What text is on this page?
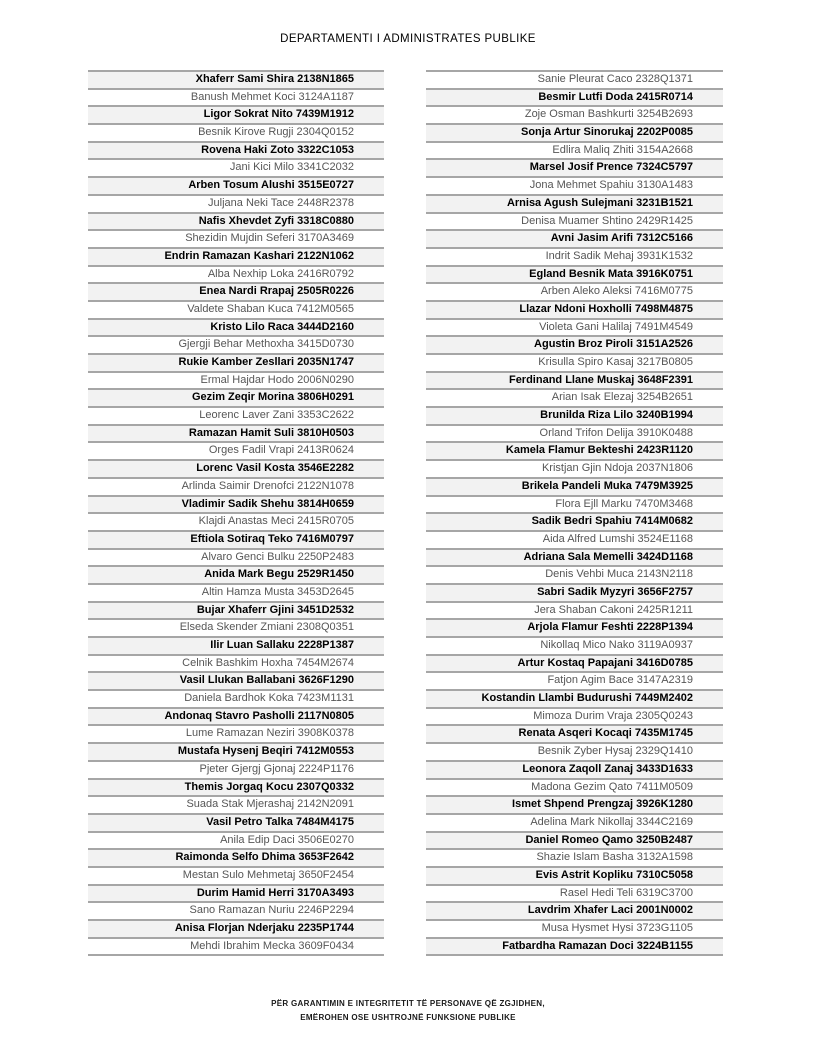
DEPARTAMENTI I ADMINISTRATES PUBLIKE
Xhaferr Sami Shira 2138N1865
Banush Mehmet Koci 3124A1187
Ligor Sokrat Nito 7439M1912
Besnik Kirove Rugji 2304Q0152
Rovena Haki Zoto 3322C1053
Jani Kici Milo 3341C2032
Arben Tosum Alushi 3515E0727
Juljana Neki Tace 2448R2378
Nafis Xhevdet Zyfi 3318C0880
Shezidin Mujdin Seferi 3170A3469
Endrin Ramazan Kashari 2122N1062
Alba Nexhip Loka 2416R0792
Enea Nardi Rrapaj 2505R0226
Valdete Shaban Kuca 7412M0565
Kristo Lilo Raca 3444D2160
Gjergji Behar Methoxha 3415D0730
Rukie Kamber Zesllari 2035N1747
Ermal Hajdar Hodo 2006N0290
Gezim Zeqir Morina 3806H0291
Leorenc Laver Zani 3353C2622
Ramazan Hamit Suli 3810H0503
Orges Fadil Vrapi 2413R0624
Lorenc Vasil Kosta 3546E2282
Arlinda Saimir Drenofci 2122N1078
Vladimir Sadik Shehu 3814H0659
Klajdi Anastas Meci 2415R0705
Eftiola Sotiraq Teko 7416M0797
Alvaro Genci Bulku 2250P2483
Anida Mark Begu 2529R1450
Altin Hamza Musta 3453D2645
Bujar Xhaferr Gjini 3451D2532
Elseda Skender Zmiani 2308Q0351
Ilir Luan Sallaku 2228P1387
Celnik Bashkim Hoxha 7454M2674
Vasil Llukan Ballabani 3626F1290
Daniela Bardhok Koka 7423M1131
Andonaq Stavro Pasholli 2117N0805
Lume Ramazan Neziri 3908K0378
Mustafa Hysenj Beqiri 7412M0553
Pjeter Gjergj Gjonaj 2224P1176
Themis Jorgaq Kocu 2307Q0332
Suada Stak Mjerashaj 2142N2091
Vasil Petro Talka 7484M4175
Anila Edip Daci 3506E0270
Raimonda Selfo Dhima 3653F2642
Mestan Sulo Mehmetaj 3650F2454
Durim Hamid Herri 3170A3493
Sano Ramazan Nuriu 2246P2294
Anisa Florjan Nderjaku 2235P1744
Mehdi Ibrahim Mecka 3609F0434
Sanie Pleurat Caco 2328Q1371
Besmir Lutfi Doda 2415R0714
Zoje Osman Bashkurti 3254B2693
Sonja Artur Sinorukaj 2202P0085
Edlira Maliq Zhiti 3154A2668
Marsel Josif Prence 7324C5797
Jona Mehmet Spahiu 3130A1483
Arnisa Agush Sulejmani 3231B1521
Denisa Muamer Shtino 2429R1425
Avni Jasim Arifi 7312C5166
Indrit Sadik Mehaj 3931K1532
Egland Besnik Mata 3916K0751
Arben Aleko Aleksi 7416M0775
Llazar Ndoni Hoxholli 7498M4875
Violeta Gani Halilaj 7491M4549
Agustin Broz Piroli 3151A2526
Krisulla Spiro Kasaj 3217B0805
Ferdinand Llane Muskaj 3648F2391
Arian Isak Elezaj 3254B2651
Brunilda Riza Lilo 3240B1994
Orland Trifon Delija 3910K0488
Kamela Flamur Bekteshi 2423R1120
Kristjan Gjin Ndoja 2037N1806
Brikela Pandeli Muka 7479M3925
Flora Ejll Marku 7470M3468
Sadik Bedri Spahiu 7414M0682
Aida Alfred Lumshi 3524E1168
Adriana Sala Memelli 3424D1168
Denis Vehbi Muca 2143N2118
Sabri Sadik Myzyri 3656F2757
Jera Shaban Cakoni 2425R1211
Arjola Flamur Feshti 2228P1394
Nikollaq Mico Nako 3119A0937
Artur Kostaq Papajani 3416D0785
Fatjon Agim Bace 3147A2319
Kostandin Llambi Budurushi 7449M2402
Mimoza Durim Vraja 2305Q0243
Renata Asqeri Kocaqi 7435M1745
Besnik Zyber Hysaj 2329Q1410
Leonora Zaqoll Zanaj 3433D1633
Madona Gezim Qato 7411M0509
Ismet Shpend Prengzaj 3926K1280
Adelina Mark Nikollaj 3344C2169
Daniel Romeo Qamo 3250B2487
Shazie Islam Basha 3132A1598
Evis Astrit Kopliku 7310C5058
Rasel Hedi Teli 6319C3700
Lavdrim Xhafer Laci 2001N0002
Musa Hysmet Hysi 3723G1105
Fatbardha Ramazan Doci 3224B1155
PËR GARANTIMIN E INTEGRITETIT TË PERSONAVE QË ZGJIDHEN,
EMËROHEN OSE USHTROJNË FUNKSIONE PUBLIKE
